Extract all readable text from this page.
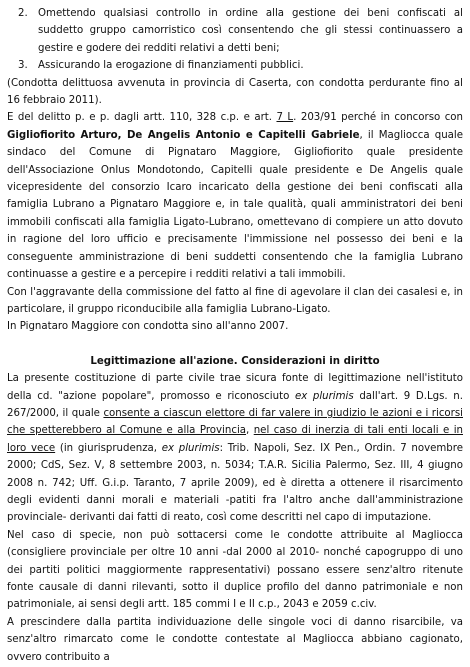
2. Omettendo qualsiasi controllo in ordine alla gestione dei beni confiscati al suddetto gruppo camorristico così consentendo che gli stessi continuassero a gestire e godere dei redditi relativi a detti beni;
3. Assicurando la erogazione di finanziamenti pubblici.

(Condotta delittuosa avvenuta in provincia di Caserta, con condotta perdurante fino al 16 febbraio 2011).

E del delitto p. e p. dagli artt. 110, 328 c.p. e art. 7 L. 203/91 perché in concorso con Gigliofiorito Arturo, De Angelis Antonio e Capitelli Gabriele, il Magliocca quale sindaco del Comune di Pignataro Maggiore, Gigliofiorito quale presidente dell'Associazione Onlus Mondotondo, Capitelli quale presidente e De Angelis quale vicepresidente del consorzio Icaro incaricato della gestione dei beni confiscati alla famiglia Lubrano a Pignataro Maggiore e, in tale qualità, quali amministratori dei beni immobili confiscati alla famiglia Ligato-Lubrano, omettevano di compiere un atto dovuto in ragione del loro ufficio e precisamente l'immissione nel possesso dei beni e la conseguente amministrazione di beni suddetti consentendo che la famiglia Lubrano continuasse a gestire e a percepire i redditi relativi a tali immobili.

Con l'aggravante della commissione del fatto al fine di agevolare il clan dei casalesi e, in particolare, il gruppo riconducibile alla famiglia Lubrano-Ligato.

In Pignataro Maggiore con condotta sino all'anno 2007.

Legittimazione all'azione. Considerazioni in diritto

La presente costituzione di parte civile trae sicura fonte di legittimazione nell'istituto della cd. "azione popolare", promosso e riconosciuto ex plurimis dall'art. 9 D.Lgs. n. 267/2000, il quale consente a ciascun elettore di far valere in giudizio le azioni e i ricorsi che spetterebbero al Comune e alla Provincia, nel caso di inerzia di tali enti locali e in loro vece (in giurisprudenza, ex plurimis: Trib. Napoli, Sez. IX Pen., Ordin. 7 novembre 2000; CdS, Sez. V, 8 settembre 2003, n. 5034; T.A.R. Sicilia Palermo, Sez. III, 4 giugno 2008 n. 742; Uff. G.i.p. Taranto, 7 aprile 2009), ed è diretta a ottenere il risarcimento degli evidenti danni morali e materiali -patiti fra l'altro anche dall'amministrazione provinciale- derivanti dai fatti di reato, così come descritti nel capo di imputazione.

Nel caso di specie, non può sottacersi come le condotte attribuite al Magliocca (consigliere provinciale per oltre 10 anni -dal 2000 al 2010- nonché capogruppo di uno dei partiti politici maggiormente rappresentativi) possano essere senz'altro ritenute fonte causale di danni rilevanti, sotto il duplice profilo del danno patrimoniale e non patrimoniale, ai sensi degli artt. 185 commi I e II c.p., 2043 e 2059 c.civ.

A prescindere dalla partita individuazione delle singole voci di danno risarcibile, va senz'altro rimarcato come le condotte contestate al Magliocca abbiano cagionato, ovvero contribuito a
